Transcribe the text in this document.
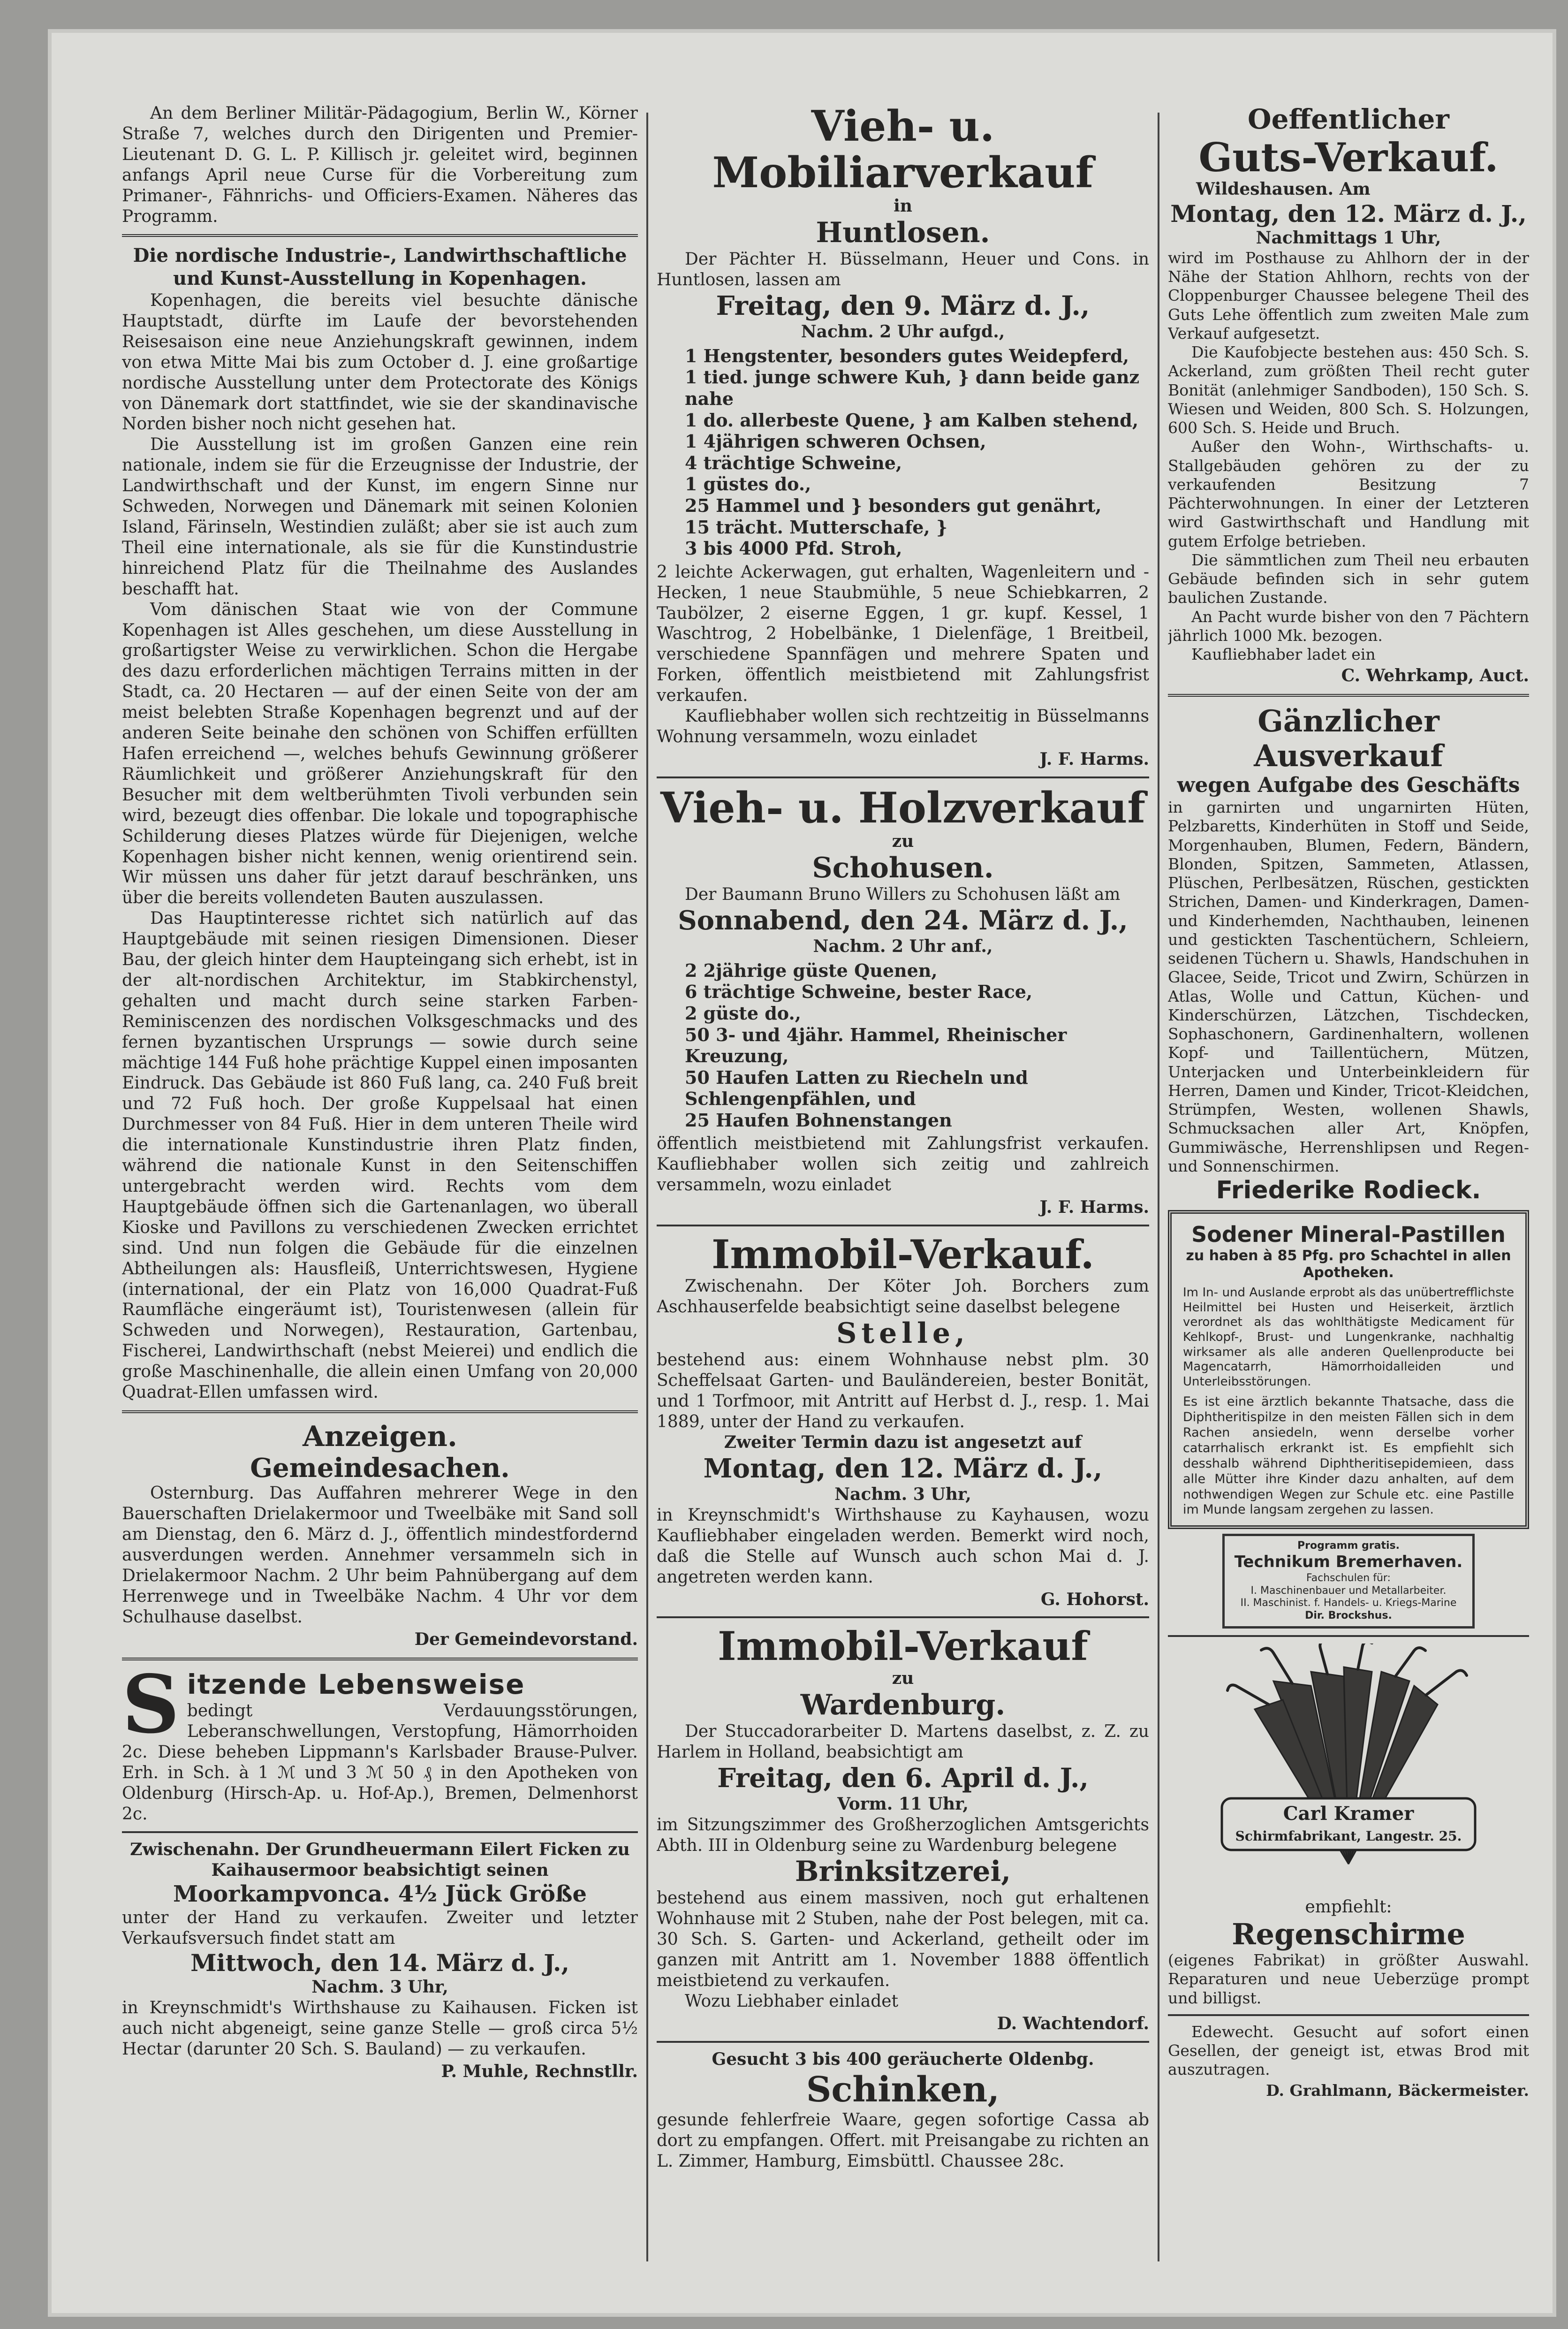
An dem Berliner Militär-Pädagogium, Berlin W., Körner Straße 7, welches durch den Dirigenten und Premier-Lieutenant D. G. L. P. Killisch jr. geleitet wird, beginnen anfangs April neue Curse für die Vorbereitung zum Primaner-, Fähnrichs- und Officiers-Examen. Näheres das Programm.

Die nordische Industrie-, Landwirthschaftliche und Kunst-Ausstellung in Kopenhagen.

Kopenhagen, die bereits viel besuchte dänische Hauptstadt, dürfte im Laufe der bevorstehenden Reisesaison eine neue Anziehungskraft gewinnen, indem von etwa Mitte Mai bis zum October d. J. eine großartige nordische Ausstellung unter dem Protectorate des Königs von Dänemark dort stattfindet, wie sie der skandinavische Norden bisher noch nicht gesehen hat.

Die Ausstellung ist im großen Ganzen eine rein nationale, indem sie für die Erzeugnisse der Industrie, der Landwirthschaft und der Kunst, im engern Sinne nur Schweden, Norwegen und Dänemark mit seinen Kolonien Island, Färinseln, Westindien zuläßt; aber sie ist auch zum Theil eine internationale, als sie für die Kunstindustrie hinreichend Platz für die Theilnahme des Auslandes beschafft hat.

Vom dänischen Staat wie von der Commune Kopenhagen ist Alles geschehen, um diese Ausstellung in großartigster Weise zu verwirklichen. Schon die Hergabe des dazu erforderlichen mächtigen Terrains mitten in der Stadt, ca. 20 Hectaren — auf der einen Seite von der am meist belebten Straße Kopenhagen begrenzt und auf der anderen Seite beinahe den schönen von Schiffen erfüllten Hafen erreichend —, welches behufs Gewinnung größerer Räumlichkeit und größerer Anziehungskraft für den Besucher mit dem weltberühmten Tivoli verbunden sein wird, bezeugt dies offenbar. Die lokale und topographische Schilderung dieses Platzes würde für Diejenigen, welche Kopenhagen bisher nicht kennen, wenig orientirend sein. Wir müssen uns daher für jetzt darauf beschränken, uns über die bereits vollendeten Bauten auszulassen.

Das Hauptinteresse richtet sich natürlich auf das Hauptgebäude mit seinen riesigen Dimensionen. Dieser Bau, der gleich hinter dem Haupteingang sich erhebt, ist in der alt-nordischen Architektur, im Stabkirchenstyl, gehalten und macht durch seine starken Farben-Reminiscenzen des nordischen Volksgeschmacks und des fernen byzantischen Ursprungs — sowie durch seine mächtige 144 Fuß hohe prächtige Kuppel einen imposanten Eindruck. Das Gebäude ist 860 Fuß lang, ca. 240 Fuß breit und 72 Fuß hoch. Der große Kuppelsaal hat einen Durchmesser von 84 Fuß. Hier in dem unteren Theile wird die internationale Kunstindustrie ihren Platz finden, während die nationale Kunst in den Seitenschiffen untergebracht werden wird. Rechts vom dem Hauptgebäude öffnen sich die Gartenanlagen, wo überall Kioske und Pavillons zu verschiedenen Zwecken errichtet sind. Und nun folgen die Gebäude für die einzelnen Abtheilungen als: Hausfleiß, Unterrichtswesen, Hygiene (international, der ein Platz von 16,000 Quadrat-Fuß Raumfläche eingeräumt ist), Touristenwesen (allein für Schweden und Norwegen), Restauration, Gartenbau, Fischerei, Landwirthschaft (nebst Meierei) und endlich die große Maschinenhalle, die allein einen Umfang von 20,000 Quadrat-Ellen umfassen wird.

Anzeigen.

Gemeindesachen.

Osternburg. Das Auffahren mehrerer Wege in den Bauerschaften Drielakermoor und Tweelbäke mit Sand soll am Dienstag, den 6. März d. J., öffentlich mindestfordernd ausverdungen werden. Annehmer versammeln sich in Drielakermoor Nachm. 2 Uhr beim Pahnübergang auf dem Herrenwege und in Tweelbäke Nachm. 4 Uhr vor dem Schulhause daselbst.

Der Gemeindevorstand.

S itzende Lebensweise

bedingt Verdauungsstörungen, Leberanschwellungen, Verstopfung, Hämorrhoiden 2c. Diese beheben Lippmann's Karlsbader Brause-Pulver. Erh. in Sch. à 1 ℳ und 3 ℳ 50 ₰ in den Apotheken von Oldenburg (Hirsch-Ap. u. Hof-Ap.), Bremen, Delmenhorst 2c.

Zwischenahn. Der Grundheuermann Eilert Ficken zu Kaihausermoor beabsichtigt seinen

Moorkampvonca. 4½ Jück Größe

unter der Hand zu verkaufen. Zweiter und letzter Verkaufsversuch findet statt am

Mittwoch, den 14. März d. J.,

Nachm. 3 Uhr,

in Kreynschmidt's Wirthshause zu Kaihausen. Ficken ist auch nicht abgeneigt, seine ganze Stelle — groß circa 5½ Hectar (darunter 20 Sch. S. Bauland) — zu verkaufen.

P. Muhle, Rechnstllr.

Vieh- u. Mobiliarverkauf

in

Huntlosen.

Der Pächter H. Büsselmann, Heuer und Cons. in Huntlosen, lassen am

Freitag, den 9. März d. J.,

Nachm. 2 Uhr aufgd.,

1 Hengstenter, besonders gutes Weidepferd,
1 tied. junge schwere Kuh, } dann beide ganz nahe
1 do. allerbeste Quene, } am Kalben stehend,
1 4jährigen schweren Ochsen,
4 trächtige Schweine,
1 güstes do.,
25 Hammel und } besonders gut genährt,
15 trächt. Mutterschafe, }
3 bis 4000 Pfd. Stroh,

2 leichte Ackerwagen, gut erhalten, Wagenleitern und -Hecken, 1 neue Staubmühle, 5 neue Schiebkarren, 2 Taubölzer, 2 eiserne Eggen, 1 gr. kupf. Kessel, 1 Waschtrog, 2 Hobelbänke, 1 Dielenfäge, 1 Breitbeil, verschiedene Spannfägen und mehrere Spaten und Forken, öffentlich meistbietend mit Zahlungsfrist verkaufen.

Kaufliebhaber wollen sich rechtzeitig in Büsselmanns Wohnung versammeln, wozu einladet

J. F. Harms.

Vieh- u. Holzverkauf

zu

Schohusen.

Der Baumann Bruno Willers zu Schohusen läßt am

Sonnabend, den 24. März d. J.,

Nachm. 2 Uhr anf.,

2 2jährige güste Quenen,
6 trächtige Schweine, bester Race,
2 güste do.,
50 3- und 4jähr. Hammel, Rheinischer Kreuzung,
50 Haufen Latten zu Riecheln und Schlengenpfählen, und
25 Haufen Bohnenstangen

öffentlich meistbietend mit Zahlungsfrist verkaufen. Kaufliebhaber wollen sich zeitig und zahlreich versammeln, wozu einladet

J. F. Harms.

Immobil-Verkauf.

Zwischenahn. Der Köter Joh. Borchers zum Aschhauserfelde beabsichtigt seine daselbst belegene

Stelle,

bestehend aus: einem Wohnhause nebst plm. 30 Scheffelsaat Garten- und Bauländereien, bester Bonität, und 1 Torfmoor, mit Antritt auf Herbst d. J., resp. 1. Mai 1889, unter der Hand zu verkaufen.

Zweiter Termin dazu ist angesetzt auf

Montag, den 12. März d. J.,

Nachm. 3 Uhr,

in Kreynschmidt's Wirthshause zu Kayhausen, wozu Kaufliebhaber eingeladen werden. Bemerkt wird noch, daß die Stelle auf Wunsch auch schon Mai d. J. angetreten werden kann.

G. Hohorst.

Immobil-Verkauf

zu

Wardenburg.

Der Stuccadorarbeiter D. Martens daselbst, z. Z. zu Harlem in Holland, beabsichtigt am

Freitag, den 6. April d. J.,

Vorm. 11 Uhr,

im Sitzungszimmer des Großherzoglichen Amtsgerichts Abth. III in Oldenburg seine zu Wardenburg belegene

Brinksitzerei,

bestehend aus einem massiven, noch gut erhaltenen Wohnhause mit 2 Stuben, nahe der Post belegen, mit ca. 30 Sch. S. Garten- und Ackerland, getheilt oder im ganzen mit Antritt am 1. November 1888 öffentlich meistbietend zu verkaufen.

Wozu Liebhaber einladet

D. Wachtendorf.

Gesucht 3 bis 400 geräucherte Oldenbg.

Schinken,

gesunde fehlerfreie Waare, gegen sofortige Cassa ab dort zu empfangen. Offert. mit Preisangabe zu richten an L. Zimmer, Hamburg, Eimsbüttl. Chaussee 28c.

Oeffentlicher

Guts-Verkauf.

Wildeshausen. Am

Montag, den 12. März d. J.,

Nachmittags 1 Uhr,

wird im Posthause zu Ahlhorn der in der Nähe der Station Ahlhorn, rechts von der Cloppenburger Chaussee belegene Theil des Guts Lehe öffentlich zum zweiten Male zum Verkauf aufgesetzt.

Die Kaufobjecte bestehen aus: 450 Sch. S. Ackerland, zum größten Theil recht guter Bonität (anlehmiger Sandboden), 150 Sch. S. Wiesen und Weiden, 800 Sch. S. Holzungen, 600 Sch. S. Heide und Bruch.

Außer den Wohn-, Wirthschafts- u. Stallgebäuden gehören zu der zu verkaufenden Besitzung 7 Pächterwohnungen. In einer der Letzteren wird Gastwirthschaft und Handlung mit gutem Erfolge betrieben.

Die sämmtlichen zum Theil neu erbauten Gebäude befinden sich in sehr gutem baulichen Zustande.

An Pacht wurde bisher von den 7 Pächtern jährlich 1000 Mk. bezogen.

Kaufliebhaber ladet ein

C. Wehrkamp, Auct.

Gänzlicher Ausverkauf

wegen Aufgabe des Geschäfts

in garnirten und ungarnirten Hüten, Pelzbaretts, Kinderhüten in Stoff und Seide, Morgenhauben, Blumen, Federn, Bändern, Blonden, Spitzen, Sammeten, Atlassen, Plüschen, Perlbesätzen, Rüschen, gestickten Strichen, Damen- und Kinderkragen, Damen- und Kinderhemden, Nachthauben, leinenen und gestickten Taschentüchern, Schleiern, seidenen Tüchern u. Shawls, Handschuhen in Glacee, Seide, Tricot und Zwirn, Schürzen in Atlas, Wolle und Cattun, Küchen- und Kinderschürzen, Lätzchen, Tischdecken, Sophaschonern, Gardinenhaltern, wollenen Kopf- und Taillentüchern, Mützen, Unterjacken und Unterbeinkleidern für Herren, Damen und Kinder, Tricot-Kleidchen, Strümpfen, Westen, wollenen Shawls, Schmucksachen aller Art, Knöpfen, Gummiwäsche, Herrenshlipsen und Regen- und Sonnenschirmen.

Friederike Rodieck.

Sodener Mineral-Pastillen

zu haben à 85 Pfg. pro Schachtel in allen Apotheken.

Im In- und Auslande erprobt als das unübertrefflichste Heilmittel bei Husten und Heiserkeit, ärztlich verordnet als das wohlthätigste Medicament für Kehlkopf-, Brust- und Lungenkranke, nachhaltig wirksamer als alle anderen Quellenproducte bei Magencatarrh, Hämorrhoidalleiden und Unterleibsstörungen.

Es ist eine ärztlich bekannte Thatsache, dass die Diphtheritispilze in den meisten Fällen sich in dem Rachen ansiedeln, wenn derselbe vorher catarrhalisch erkrankt ist. Es empfiehlt sich desshalb während Diphtheritisepidemieen, dass alle Mütter ihre Kinder dazu anhalten, auf dem nothwendigen Wegen zur Schule etc. eine Pastille im Munde langsam zergehen zu lassen.

Programm gratis.

Technikum Bremerhaven.

Fachschulen für:

I. Maschinenbauer und Metallarbeiter.

II. Maschinist. f. Handels- u. Kriegs-Marine

Dir. Brockshus.

Carl Kramer
Schirmfabrikant, Langestr. 25.

empfiehlt:

Regenschirme

(eigenes Fabrikat) in größter Auswahl. Reparaturen und neue Ueberzüge prompt und billigst.

Edewecht. Gesucht auf sofort einen Gesellen, der geneigt ist, etwas Brod mit auszutragen.

D. Grahlmann, Bäckermeister.
